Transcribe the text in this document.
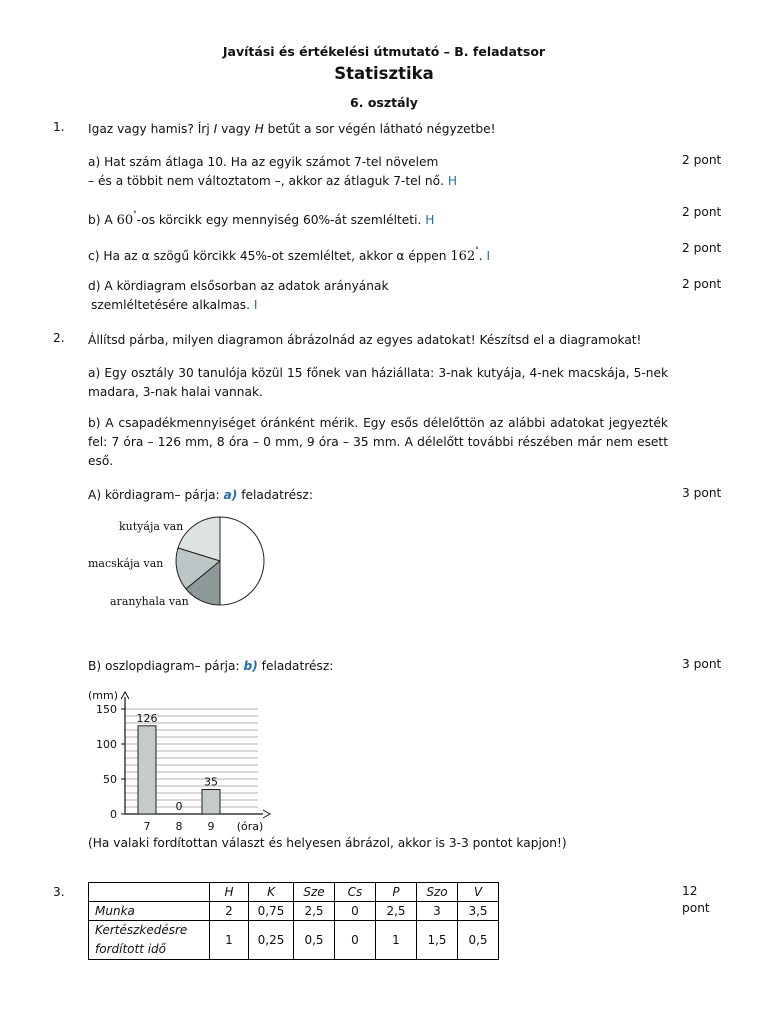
Javítási és értékelési útmutató – B. feladatsor
Statisztika
6. osztály
1. Igaz vagy hamis? Írj I vagy H betűt a sor végén látható négyzetbe!
a) Hat szám átlaga 10. Ha az egyik számot 7-tel növelem
– és a többit nem változtatom –, akkor az átlaguk 7-tel nő. H
2 pont
b) A 60°-os körcikk egy mennyiség 60%-át szemlélteti. H
2 pont
c) Ha az α szögű körcikk 45%-ot szemléltet, akkor α éppen 162°. I
2 pont
d) A kördiagram elsősorban az adatok arányának
szemléltetésére alkalmas. I
2 pont
2. Állítsd párba, milyen diagramon ábrázolnád az egyes adatokat! Készítsd el a diagramokat!
a) Egy osztály 30 tanulója közül 15 főnek van háziállata: 3-nak kutyája, 4-nek macskája, 5-nek madara, 3-nak halai vannak.
b) A csapadékmennyiséget óránként mérik. Egy esős délelőttön az alábbi adatokat jegyezték fel: 7 óra – 126 mm, 8 óra – 0 mm, 9 óra – 35 mm. A délelőtt további részében már nem esett eső.
A) kördiagram– párja: a) feladatrész:	3 pont
kutyája van
macskája van
aranyhala van
B) oszlopdiagram– párja: b) feladatrész:	3 pont
0
50
100
150
(mm)
126
7
0
8
35
9 (óra)
(Ha valaki fordítottan választ és helyesen ábrázol, akkor is 3-3 pontot kapjon!)
3.	12
pont
	H	K	Sze	Cs	P	Szo	V
Munka	2	0,75	2,5	0	2,5	3	3,5

Kertészkedésre
fordított idő	1	0,25	0,5	0	1	1,5	0,5
